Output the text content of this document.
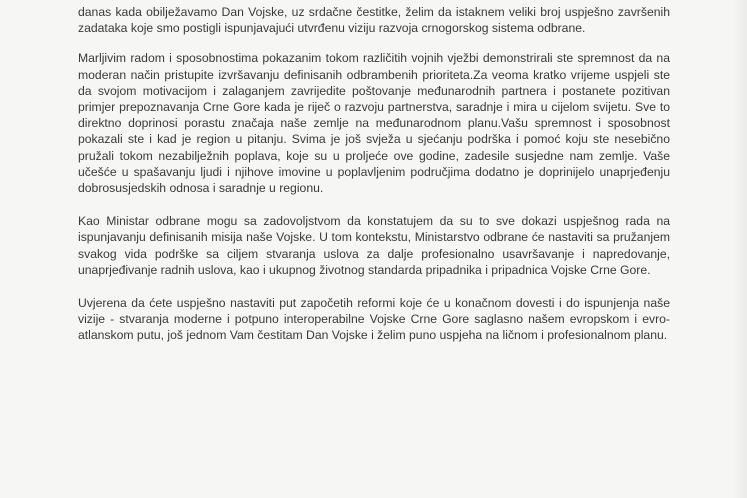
danas kada obilježavamo Dan Vojske, uz srdačne čestitke, želim da istaknem veliki broj uspješno završenih zadataka koje smo postigli ispunjavajući utvrđenu viziju razvoja crnogorskog sistema odbrane.

Marljivim radom i sposobnostima pokazanim tokom različitih vojnih vježbi demonstrirali ste spremnost da na moderan način pristupite izvršavanju definisanih odbrambenih prioriteta.Za veoma kratko vrijeme uspjeli ste da svojom motivacijom i zalaganjem zavrijedite poštovanje međunarodnih partnera i postanete pozitivan primjer prepoznavanja Crne Gore kada je riječ o razvoju partnerstva, saradnje i mira u cijelom svijetu. Sve to direktno doprinosi porastu značaja naše zemlje na međunarodnom planu.Vašu spremnost i sposobnost pokazali ste i kad je region u pitanju. Svima je još svježa u sjećanju podrška i pomoć koju ste nesebično pružali tokom nezabilježnih poplava, koje su u proljeće ove godine, zadesile susjedne nam zemlje. Vaše učešće u spašavanju ljudi i njihove imovine u poplavljenim područjima dodatno je doprinijelo unaprjeđenju dobrosusjedskih odnosa i saradnje u regionu.

Kao Ministar odbrane mogu sa zadovoljstvom da konstatujem da su to sve dokazi uspješnog rada na ispunjavanju definisanih misija naše Vojske. U tom kontekstu, Ministarstvo odbrane će nastaviti sa pružanjem svakog vida podrške sa ciljem stvaranja uslova za dalje profesionalno usavršavanje i napredovanje, unaprjeđivanje radnih uslova, kao i ukupnog životnog standarda pripadnika i pripadnica Vojske Crne Gore.

Uvjerena da ćete uspješno nastaviti put započetih reformi koje će u konačnom dovesti i do ispunjenja naše vizije - stvaranja moderne i potpuno interoperabilne Vojske Crne Gore saglasno našem evropskom i evro-atlanskom putu, još jednom Vam čestitam Dan Vojske i želim puno uspjeha na ličnom i profesionalnom planu.
